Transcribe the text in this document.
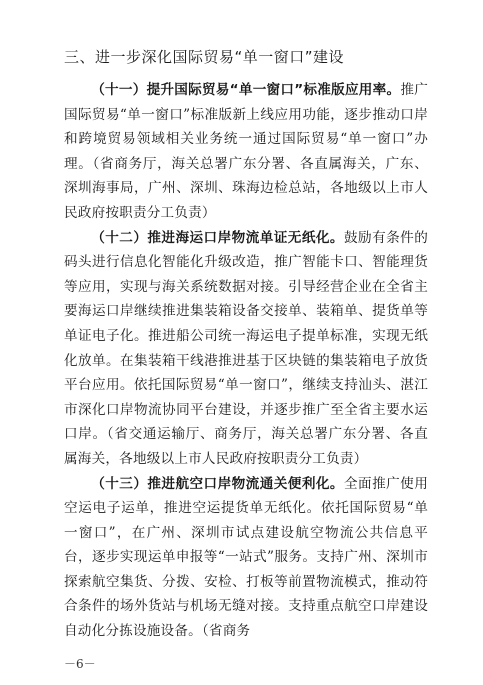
三、进一步深化国际贸易“单一窗口”建设

（十一）提升国际贸易“单一窗口”标准版应用率。推广国际贸易“单一窗口”标准版新上线应用功能，逐步推动口岸和跨境贸易领域相关业务统一通过国际贸易“单一窗口”办理。（省商务厅，海关总署广东分署、各直属海关，广东、深圳海事局，广州、深圳、珠海边检总站，各地级以上市人民政府按职责分工负责）

（十二）推进海运口岸物流单证无纸化。鼓励有条件的码头进行信息化智能化升级改造，推广智能卡口、智能理货等应用，实现与海关系统数据对接。引导经营企业在全省主要海运口岸继续推进集装箱设备交接单、装箱单、提货单等单证电子化。推进船公司统一海运电子提单标准，实现无纸化放单。在集装箱干线港推进基于区块链的集装箱电子放货平台应用。依托国际贸易“单一窗口”，继续支持汕头、湛江市深化口岸物流协同平台建设，并逐步推广至全省主要水运口岸。（省交通运输厅、商务厅，海关总署广东分署、各直属海关，各地级以上市人民政府按职责分工负责）

（十三）推进航空口岸物流通关便利化。全面推广使用空运电子运单，推进空运提货单无纸化。依托国际贸易“单一窗口”，在广州、深圳市试点建设航空物流公共信息平台，逐步实现运单申报等“一站式”服务。支持广州、深圳市探索航空集货、分拨、安检、打板等前置物流模式，推动符合条件的场外货站与机场无缝对接。支持重点航空口岸建设自动化分拣设施设备。（省商务

－6－
